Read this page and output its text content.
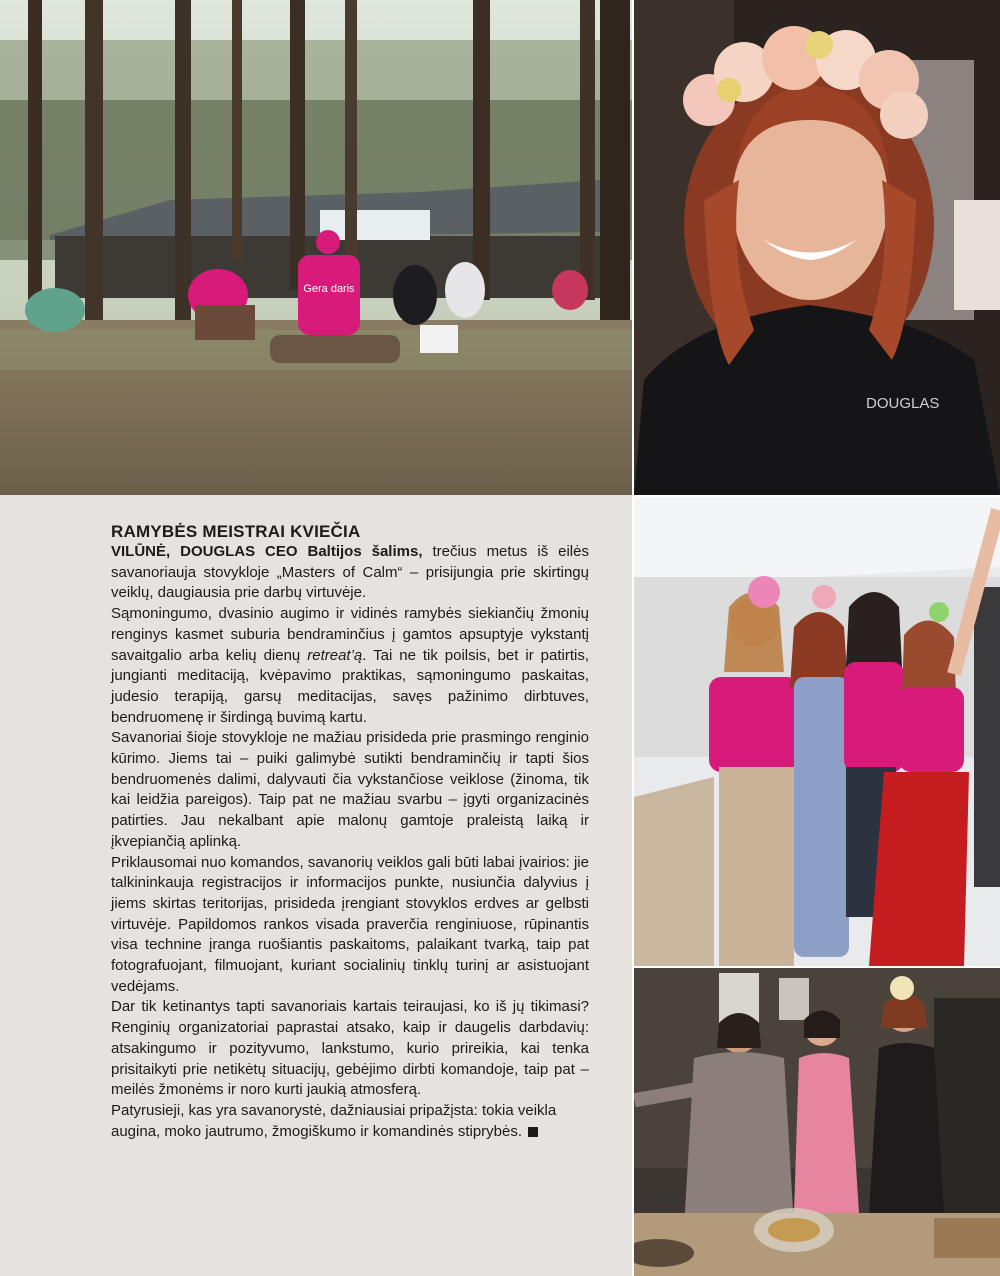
Gera daris
DOUGLAS
RAMYBĖS MEISTRAI KVIEČIA

VILŪNĖ, DOUGLAS CEO Baltijos šalims, trečius metus iš eilės savanoriauja stovykloje „Masters of Calm“ – prisijungia prie skirtingų veiklų, daugiausia prie darbų virtuvėje.

Sąmoningumo, dvasinio augimo ir vidinės ramybės siekiančių žmonių renginys kasmet suburia bendraminčius į gamtos apsuptyje vykstantį savaitgalio arba kelių dienų retreat’ą. Tai ne tik poilsis, bet ir patirtis, jungianti meditaciją, kvėpavimo praktikas, sąmoningumo paskaitas, judesio terapiją, garsų meditacijas, savęs pažinimo dirbtuves, bendruomenę ir širdingą buvimą kartu.

Savanoriai šioje stovykloje ne mažiau prisideda prie prasmingo renginio kūrimo. Jiems tai – puiki galimybė sutikti bendraminčių ir tapti šios bendruomenės dalimi, dalyvauti čia vykstančiose veiklose (žinoma, tik kai leidžia pareigos). Taip pat ne mažiau svarbu – įgyti organizacinės patirties. Jau nekalbant apie malonų gamtoje praleistą laiką ir įkvepiančią aplinką.

Priklausomai nuo komandos, savanorių veiklos gali būti labai įvairios: jie talkininkauja registracijos ir informacijos punkte, nusiunčia dalyvius į jiems skirtas teritorijas, prisideda įrengiant stovyklos erdves ar gelbsti virtuvėje. Papildomos rankos visada praverčia renginiuose, rūpinantis visa technine įranga ruošiantis paskaitoms, palaikant tvarką, taip pat fotografuojant, filmuojant, kuriant socialinių tinklų turinį ar asistuojant vedėjams.

Dar tik ketinantys tapti savanoriais kartais teiraujasi, ko iš jų tikimasi? Renginių organizatoriai paprastai atsako, kaip ir daugelis darbdavių: atsakingumo ir pozityvumo, lankstumo, kurio prireikia, kai tenka prisitaikyti prie netikėtų situacijų, gebėjimo dirbti komandoje, taip pat – meilės žmonėms ir noro kurti jaukią atmosferą.

Patyrusieji, kas yra savanorystė, dažniausiai pripažįsta: tokia veikla augina, moko jautrumo, žmogiškumo ir komandinės stiprybės.
